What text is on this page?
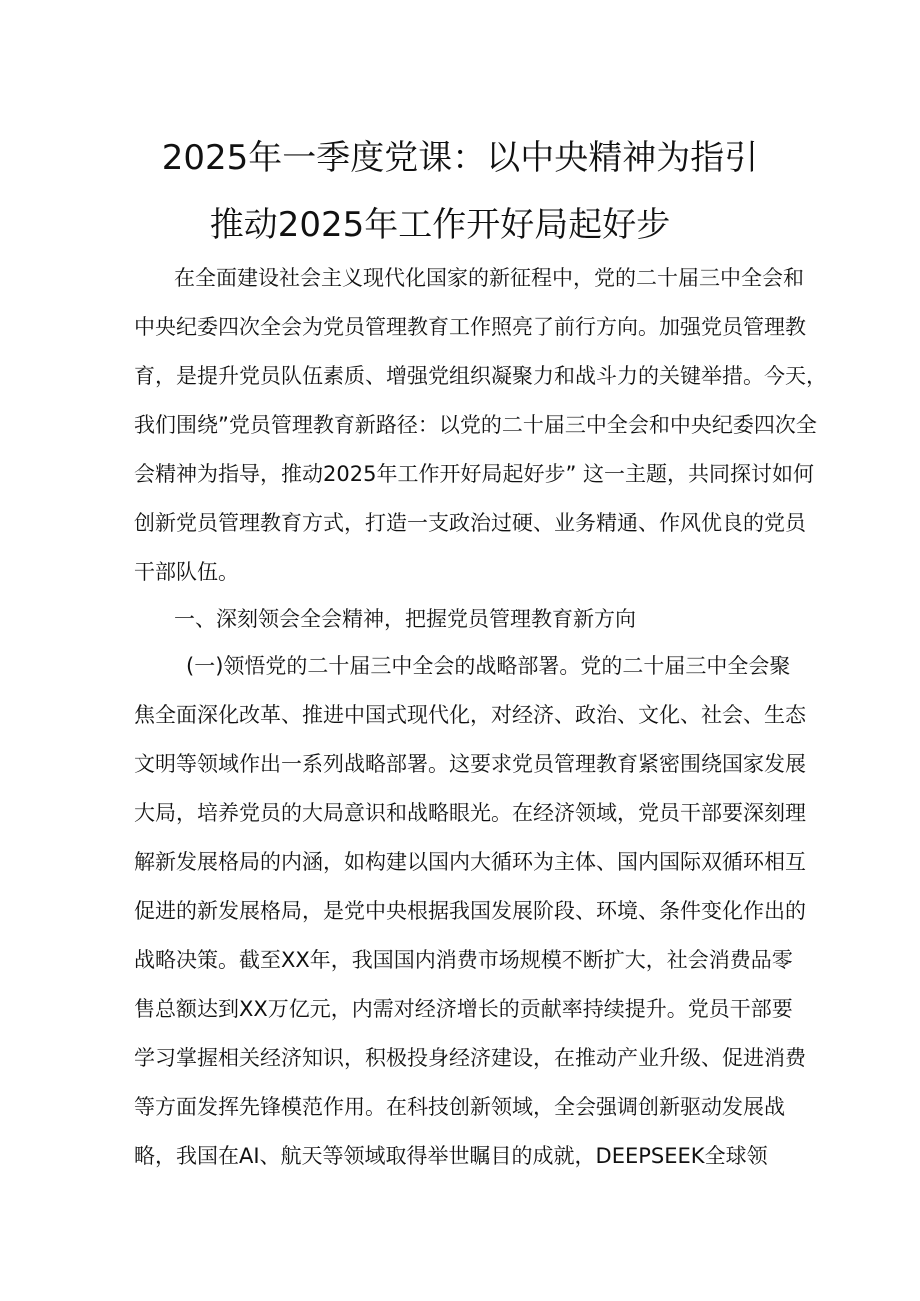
2025年一季度党课：以中央精神为指引
推动2025年工作开好局起好步
在全面建设社会主义现代化国家的新征程中，党的二十届三中全会和
中央纪委四次全会为党员管理教育工作照亮了前行方向。加强党员管理教
育，是提升党员队伍素质、增强党组织凝聚力和战斗力的关键举措。今天，
我们围绕”党员管理教育新路径：以党的二十届三中全会和中央纪委四次全
会精神为指导，推动2025年工作开好局起好步” 这一主题，共同探讨如何
创新党员管理教育方式，打造一支政治过硬、业务精通、作风优良的党员
干部队伍。
一、深刻领会全会精神，把握党员管理教育新方向
(一)领悟党的二十届三中全会的战略部署。党的二十届三中全会聚
焦全面深化改革、推进中国式现代化，对经济、政治、文化、社会、生态
文明等领域作出一系列战略部署。这要求党员管理教育紧密围绕国家发展
大局，培养党员的大局意识和战略眼光。在经济领域，党员干部要深刻理
解新发展格局的内涵，如构建以国内大循环为主体、国内国际双循环相互
促进的新发展格局，是党中央根据我国发展阶段、环境、条件变化作出的
战略决策。截至XX年，我国国内消费市场规模不断扩大，社会消费品零
售总额达到XX万亿元，内需对经济增长的贡献率持续提升。党员干部要
学习掌握相关经济知识，积极投身经济建设，在推动产业升级、促进消费
等方面发挥先锋模范作用。在科技创新领域，全会强调创新驱动发展战
略，我国在AI、航天等领域取得举世瞩目的成就，DEEPSEEK全球领
